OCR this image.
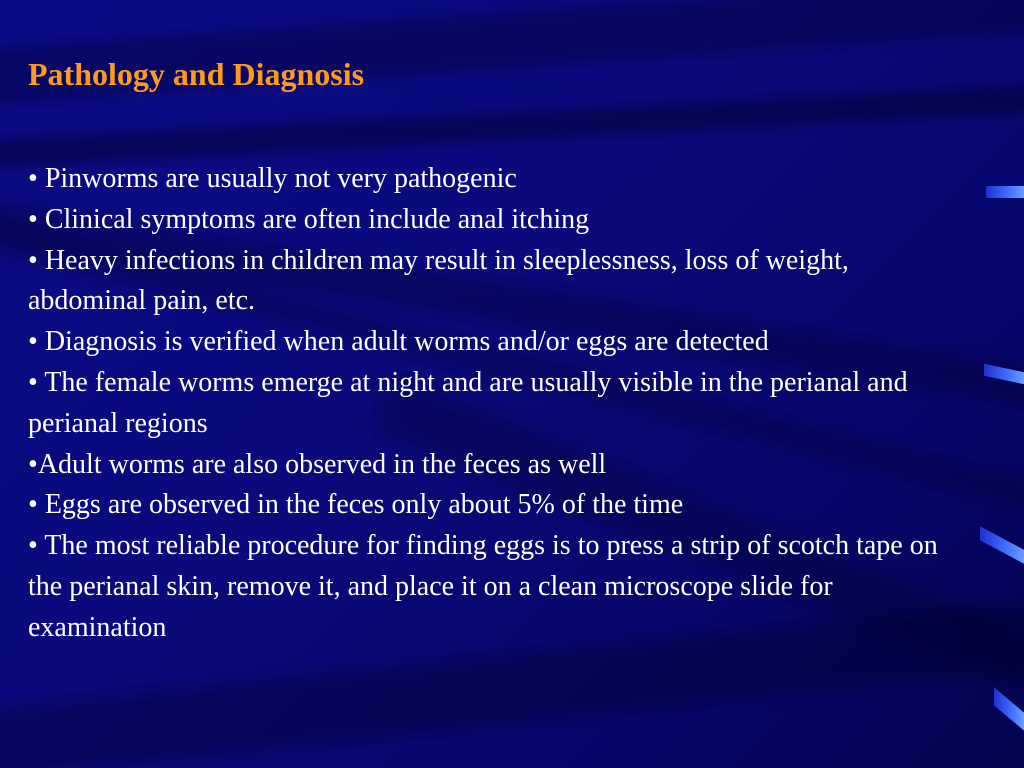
Pathology and Diagnosis

• Pinworms are usually not very pathogenic

• Clinical symptoms are often include anal itching

• Heavy infections in children may result in sleeplessness, loss of weight, abdominal pain, etc.

• Diagnosis is verified when adult worms and/or eggs are detected

• The female worms emerge at night and are usually visible in the perianal and perianal regions

•Adult worms are also observed in the feces as well

• Eggs are observed in the feces only about 5% of the time

• The most reliable procedure for finding eggs is to press a strip of scotch tape on the perianal skin, remove it, and place it on a clean microscope slide for examination
